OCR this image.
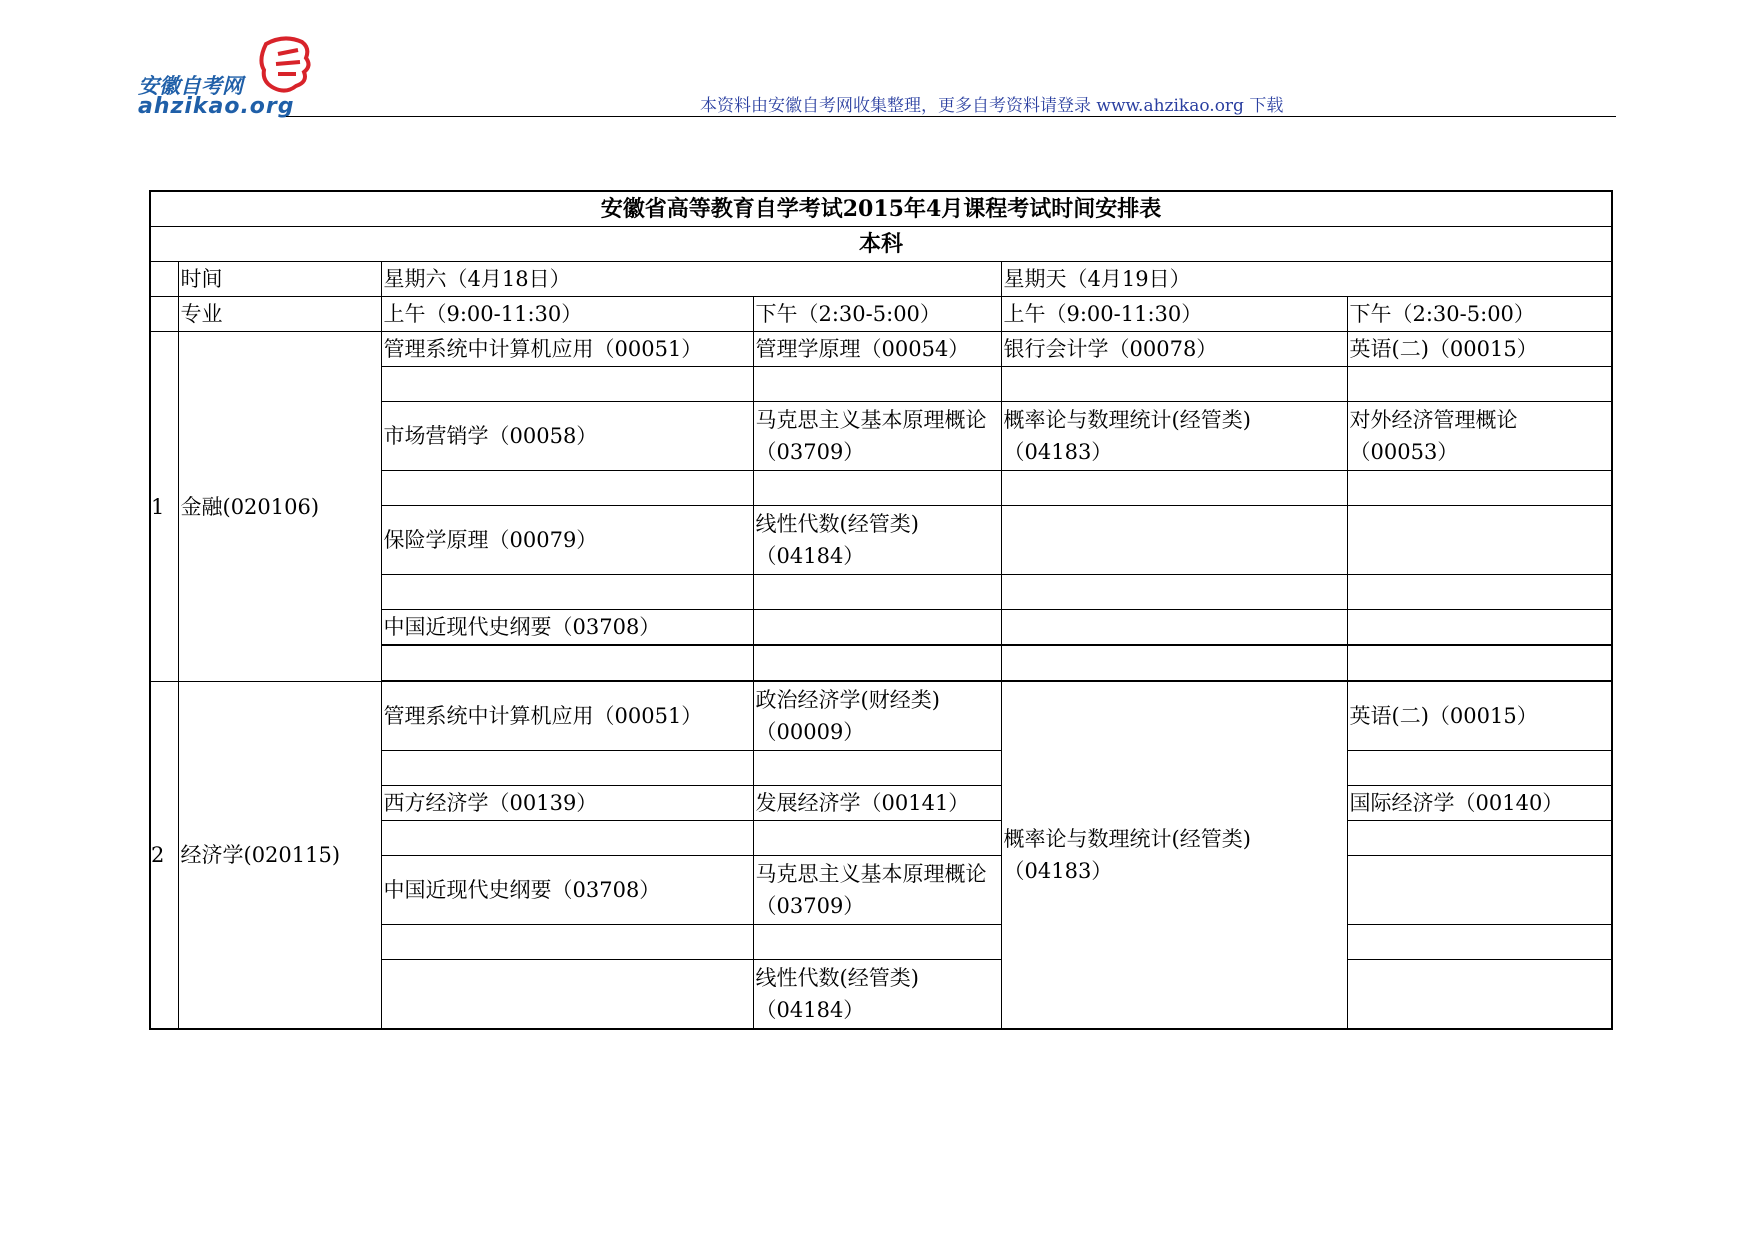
安徽自考网
ahzikao.org	本资料由安徽自考网收集整理，更多自考资料请登录 www.ahzikao.org 下载
安徽省高等教育自学考试2015年4月课程考试时间安排表					
本科					
	时间	星期六（4月18日）		星期天（4月19日）	
	专业	上午（9:00-11:30）	下午（2:30-5:00）	上午（9:00-11:30）	下午（2:30-5:00）
1	金融(020106)	管理系统中计算机应用（00051）	管理学原理（00054）	银行会计学（00078）	英语(二)（00015）

		市场营销学（00058）	马克思主义基本原理概论（03709）	概率论与数理统计(经管类)（04183）	对外经济管理概论（00053）

		保险学原理（00079）	线性代数(经管类)（04184）		

		中国近现代史纲要（03708）			

2	经济学(020115)	管理系统中计算机应用（00051）	政治经济学(财经类)（00009）	概率论与数理统计(经管类)（04183）	英语(二)（00015）

		西方经济学（00139）	发展经济学（00141）		国际经济学（00140）

		中国近现代史纲要（03708）	马克思主义基本原理概论（03709）		

			线性代数(经管类)（04184）		
